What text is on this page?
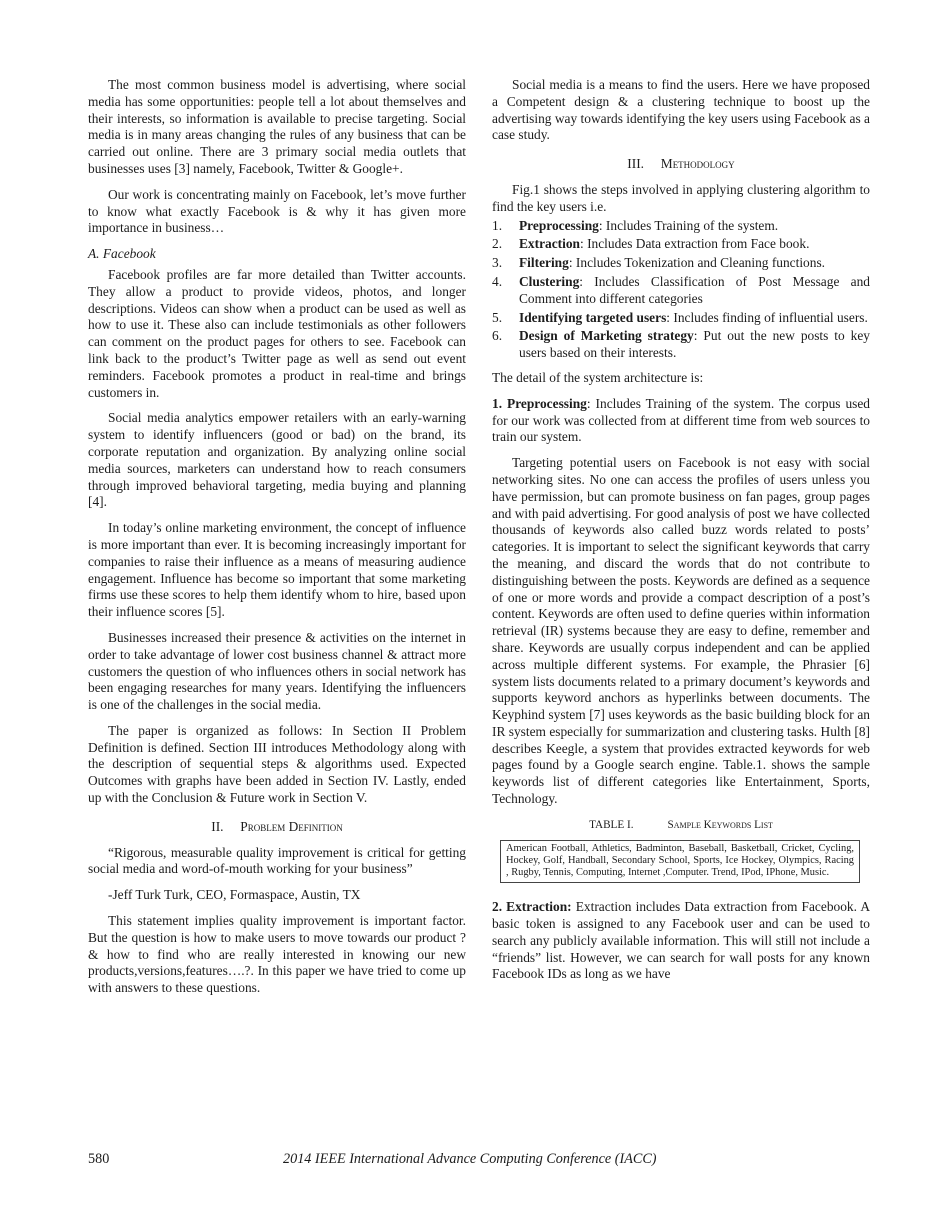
The most common business model is advertising, where social media has some opportunities: people tell a lot about themselves and their interests, so information is available to precise targeting. Social media is in many areas changing the rules of any business that can be carried out online. There are 3 primary social media outlets that businesses uses [3] namely, Facebook, Twitter & Google+.

Our work is concentrating mainly on Facebook, let’s move further to know what exactly Facebook is & why it has given more importance in business…

A. Facebook

Facebook profiles are far more detailed than Twitter accounts. They allow a product to provide videos, photos, and longer descriptions. Videos can show when a product can be used as well as how to use it. These also can include testimonials as other followers can comment on the product pages for others to see. Facebook can link back to the product’s Twitter page as well as send out event reminders. Facebook promotes a product in real-time and brings customers in.

Social media analytics empower retailers with an early-warning system to identify influencers (good or bad) on the brand, its corporate reputation and organization. By analyzing online social media sources, marketers can understand how to reach consumers through improved behavioral targeting, media buying and planning [4].

In today’s online marketing environment, the concept of influence is more important than ever. It is becoming increasingly important for companies to raise their influence as a means of measuring audience engagement. Influence has become so important that some marketing firms use these scores to help them identify whom to hire, based upon their influence scores [5].

Businesses increased their presence & activities on the internet in order to take advantage of lower cost business channel & attract more customers the question of who influences others in social network has been engaging researches for many years. Identifying the influencers is one of the challenges in the social media.

The paper is organized as follows: In Section II Problem Definition is defined. Section III introduces Methodology along with the description of sequential steps & algorithms used. Expected Outcomes with graphs have been added in Section IV. Lastly, ended up with the Conclusion & Future work in Section V.

II. Problem Definition

“Rigorous, measurable quality improvement is critical for getting social media and word-of-mouth working for your business”

-Jeff Turk Turk, CEO, Formaspace, Austin, TX

This statement implies quality improvement is important factor. But the question is how to make users to move towards our product ? & how to find who are really interested in knowing our new products,versions,features….?. In this paper we have tried to come up with answers to these questions.

Social media is a means to find the users. Here we have proposed a Competent design & a clustering technique to boost up the advertising way towards identifying the key users using Facebook as a case study.

III. Methodology

Fig.1 shows the steps involved in applying clustering algorithm to find the key users i.e.

1. Preprocessing: Includes Training of the system.
2. Extraction: Includes Data extraction from Face book.
3. Filtering: Includes Tokenization and Cleaning functions.
4. Clustering: Includes Classification of Post Message and Comment into different categories
5. Identifying targeted users: Includes finding of influential users.
6. Design of Marketing strategy: Put out the new posts to key users based on their interests.

The detail of the system architecture is:

1. Preprocessing: Includes Training of the system. The corpus used for our work was collected from at different time from web sources to train our system.

Targeting potential users on Facebook is not easy with social networking sites. No one can access the profiles of users unless you have permission, but can promote business on fan pages, group pages and with paid advertising. For good analysis of post we have collected thousands of keywords also called buzz words related to posts’ categories. It is important to select the significant keywords that carry the meaning, and discard the words that do not contribute to distinguishing between the posts. Keywords are defined as a sequence of one or more words and provide a compact description of a post’s content. Keywords are often used to define queries within information retrieval (IR) systems because they are easy to define, remember and share. Keywords are usually corpus independent and can be applied across multiple different systems. For example, the Phrasier [6] system lists documents related to a primary document’s keywords and supports keyword anchors as hyperlinks between documents. The Keyphind system [7] uses keywords as the basic building block for an IR system especially for summarization and clustering tasks. Hulth [8] describes Keegle, a system that provides extracted keywords for web pages found by a Google search engine. Table.1. shows the sample keywords list of different categories like Entertainment, Sports, Technology.

TABLE I.	Sample Keywords List
American Football, Athletics, Badminton, Baseball, Basketball, Cricket, Cycling, Hockey, Golf, Handball, Secondary School, Sports, Ice Hockey, Olympics, Racing , Rugby, Tennis, Computing, Internet ,Computer. Trend, IPod, IPhone, Music.

2. Extraction: Extraction includes Data extraction from Facebook. A basic token is assigned to any Facebook user and can be used to search any publicly available information. This will still not include a “friends” list. However, we can search for wall posts for any known Facebook IDs as long as we have

580	2014 IEEE International Advance Computing Conference (IACC)
